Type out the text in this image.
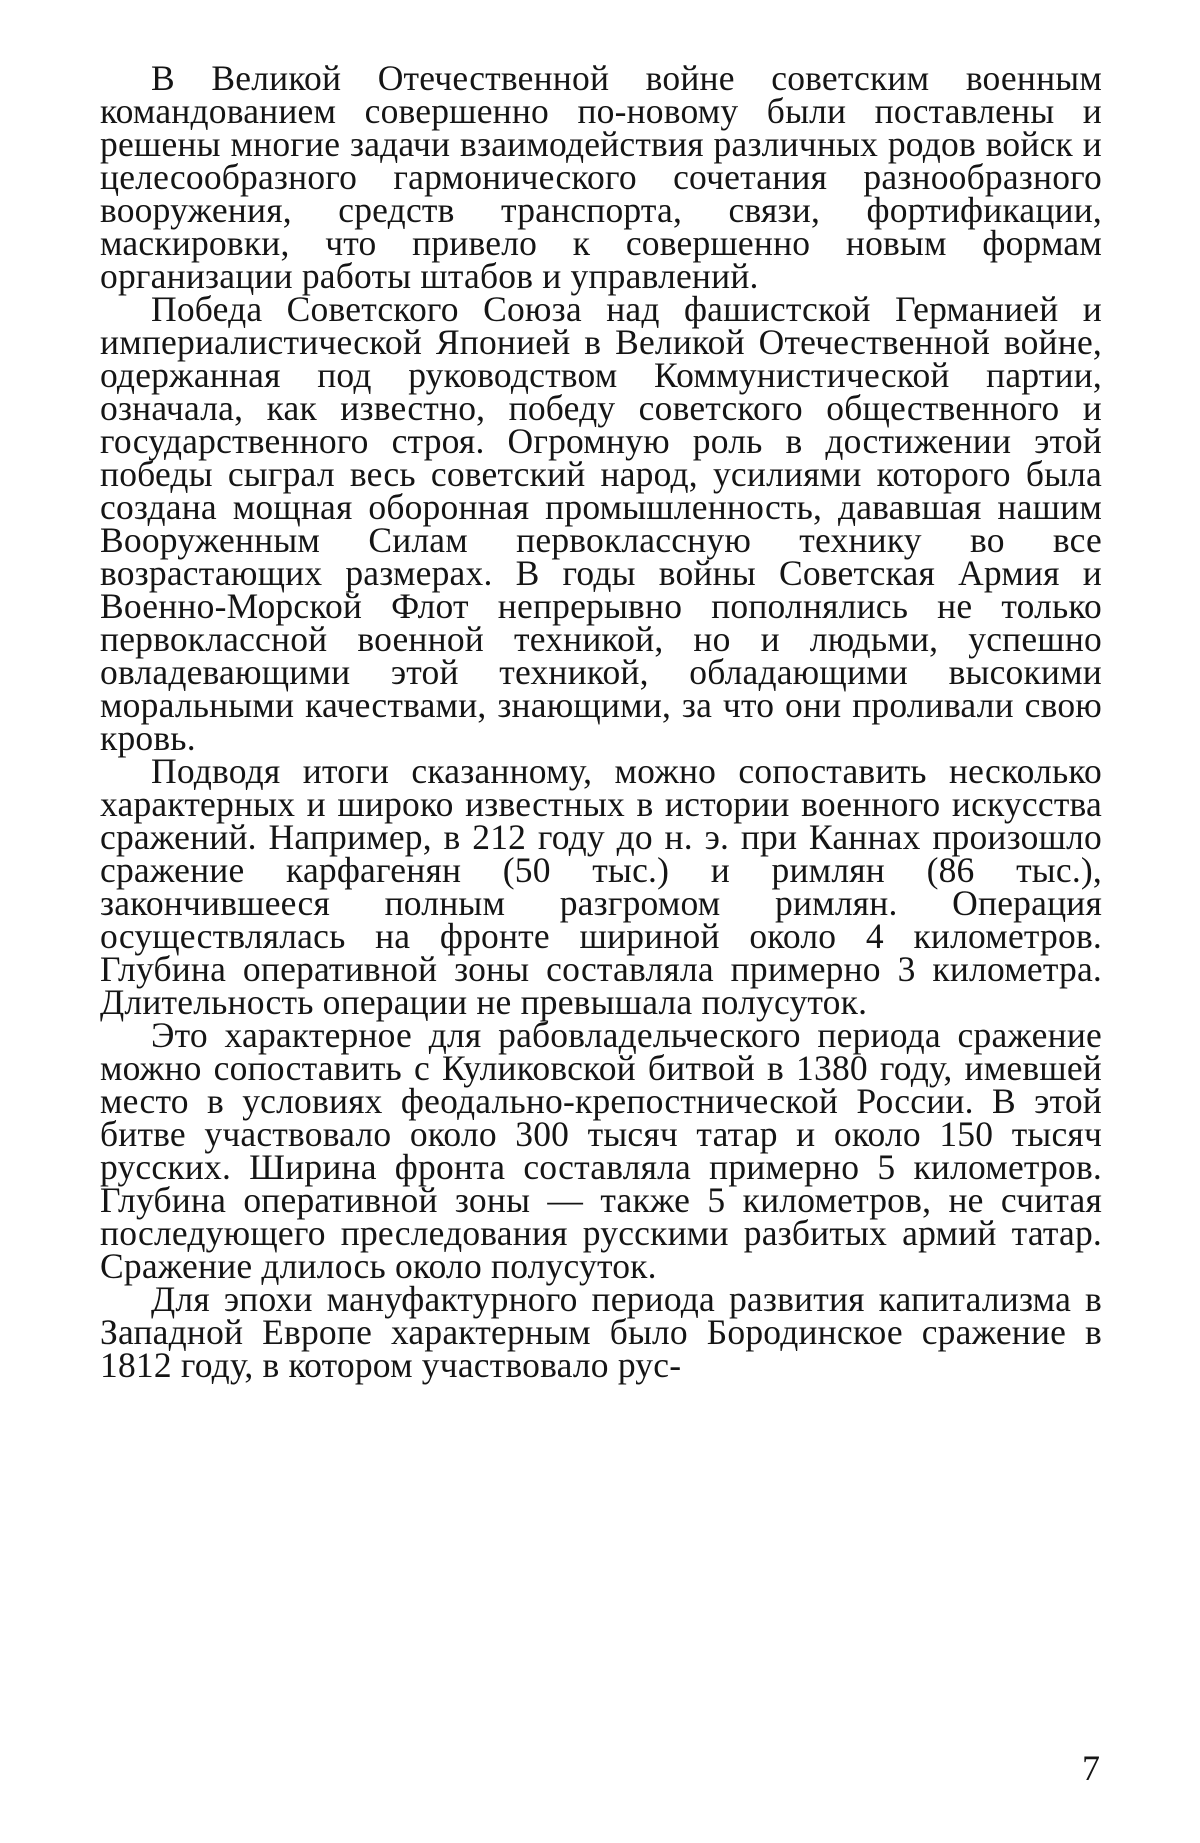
В Великой Отечественной войне советским военным командованием совершенно по-новому были поставлены и решены многие задачи взаимодействия различных родов войск и целесообразного гармонического сочетания разнообразного вооружения, средств транспорта, связи, фортификации, маскировки, что привело к совершенно новым формам организации работы штабов и управлений.

Победа Советского Союза над фашистской Германией и империалистической Японией в Великой Отечественной войне, одержанная под руководством Коммунистической партии, означала, как известно, победу советского общественного и государственного строя. Огромную роль в достижении этой победы сыграл весь советский народ, усилиями которого была создана мощная оборонная промышленность, дававшая нашим Вооруженным Силам первоклассную технику во все возрастающих размерах. В годы войны Советская Армия и Военно-Морской Флот непрерывно пополнялись не только первоклассной военной техникой, но и людьми, успешно овладевающими этой техникой, обладающими высокими моральными качествами, знающими, за что они проливали свою кровь.

Подводя итоги сказанному, можно сопоставить несколько характерных и широко известных в истории военного искусства сражений. Например, в 212 году до н. э. при Каннах произошло сражение карфагенян (50 тыс.) и римлян (86 тыс.), закончившееся полным разгромом римлян. Операция осуществлялась на фронте шириной около 4 километров. Глубина оперативной зоны составляла примерно 3 километра. Длительность операции не превышала полусуток.

Это характерное для рабовладельческого периода сражение можно сопоставить с Куликовской битвой в 1380 году, имевшей место в условиях феодально-крепостнической России. В этой битве участвовало около 300 тысяч татар и около 150 тысяч русских. Ширина фронта составляла примерно 5 километров. Глубина оперативной зоны — также 5 километров, не считая последующего преследования русскими разбитых армий татар. Сражение длилось около полусуток.

Для эпохи мануфактурного периода развития капитализма в Западной Европе характерным было Бородинское сражение в 1812 году, в котором участвовало рус-

7
